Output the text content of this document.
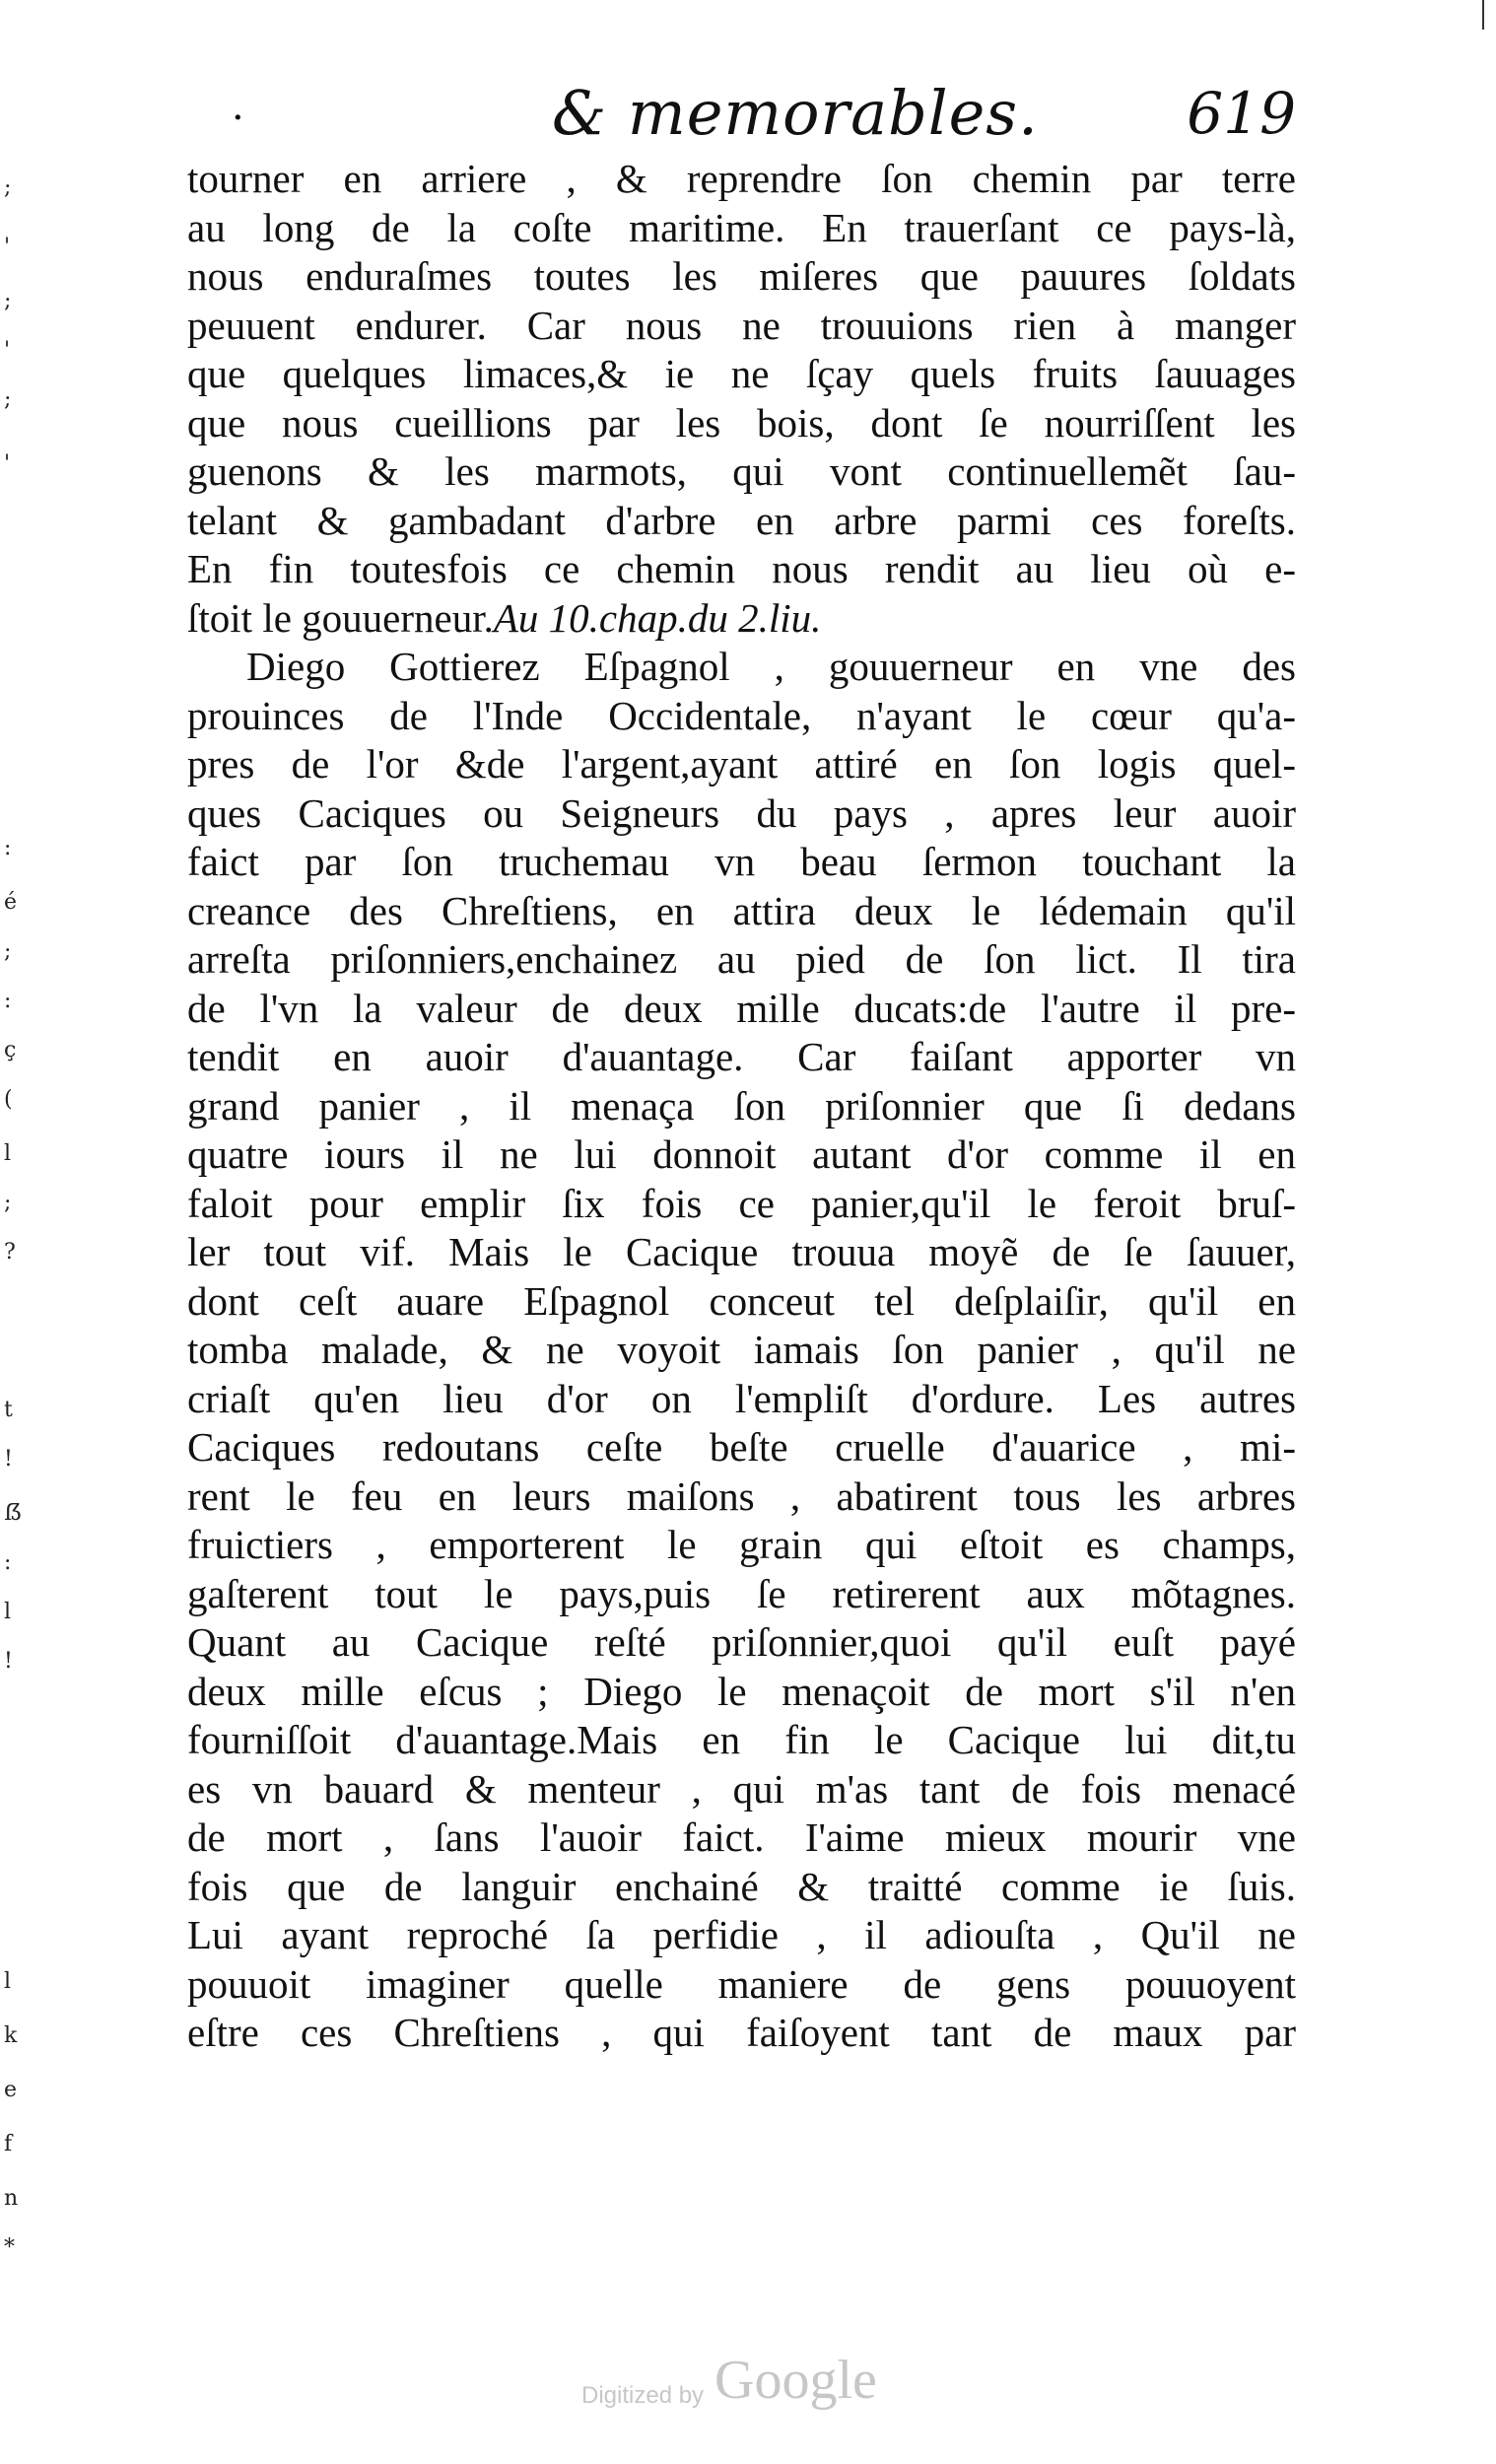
;
'
;
'
;
'
:
é
;
:
ç
(
l
;
?
t
!
ẞ
:
l
!
l
k
e
f
n
*
·	& memorables.	619
tourner en arriere , & reprendre ſon chemin par terre
au long de la coſte maritime. En trauerſant ce pays-là,
nous enduraſmes toutes les miſeres que pauures ſoldats
peuuent endurer. Car nous ne trouuions rien à manger
que quelques limaces,& ie ne ſçay quels fruits ſauuages
que nous cueillions par les bois, dont ſe nourriſſent les
guenons & les marmots, qui vont continuellemẽt ſau-
telant & gambadant d'arbre en arbre parmi ces foreſts.
En fin toutesfois ce chemin nous rendit au lieu où e-
ſtoit le gouuerneur.Au 10.chap.du 2.liu.
Diego Gottierez Eſpagnol , gouuerneur en vne des
prouinces de l'Inde Occidentale, n'ayant le cœur qu'a-
pres de l'or &de l'argent,ayant attiré en ſon logis quel-
ques Caciques ou Seigneurs du pays , apres leur auoir
faict par ſon truchemau vn beau ſermon touchant la
creance des Chreſtiens, en attira deux le lédemain qu'il
arreſta priſonniers,enchainez au pied de ſon lict. Il tira
de l'vn la valeur de deux mille ducats:de l'autre il pre-
tendit en auoir d'auantage. Car faiſant apporter vn
grand panier , il menaça ſon priſonnier que ſi dedans
quatre iours il ne lui donnoit autant d'or comme il en
faloit pour emplir ſix fois ce panier,qu'il le feroit bruſ-
ler tout vif. Mais le Cacique trouua moyẽ de ſe ſauuer,
dont ceſt auare Eſpagnol conceut tel deſplaiſir, qu'il en
tomba malade, & ne voyoit iamais ſon panier , qu'il ne
criaſt qu'en lieu d'or on l'empliſt d'ordure. Les autres
Caciques redoutans ceſte beſte cruelle d'auarice , mi-
rent le feu en leurs maiſons , abatirent tous les arbres
fruictiers , emporterent le grain qui eſtoit es champs,
gaſterent tout le pays,puis ſe retirerent aux mõtagnes.
Quant au Cacique reſté priſonnier,quoi qu'il euſt payé
deux mille eſcus ; Diego le menaçoit de mort s'il n'en
fourniſſoit d'auantage.Mais en fin le Cacique lui dit,tu
es vn bauard & menteur , qui m'as tant de fois menacé
de mort , ſans l'auoir faict. I'aime mieux mourir vne
fois que de languir enchainé & traitté comme ie ſuis.
Lui ayant reproché ſa perfidie , il adiouſta , Qu'il ne
pouuoit imaginer quelle maniere de gens pouuoyent
eſtre ces Chreſtiens , qui faiſoyent tant de maux par
Digitized by Google
